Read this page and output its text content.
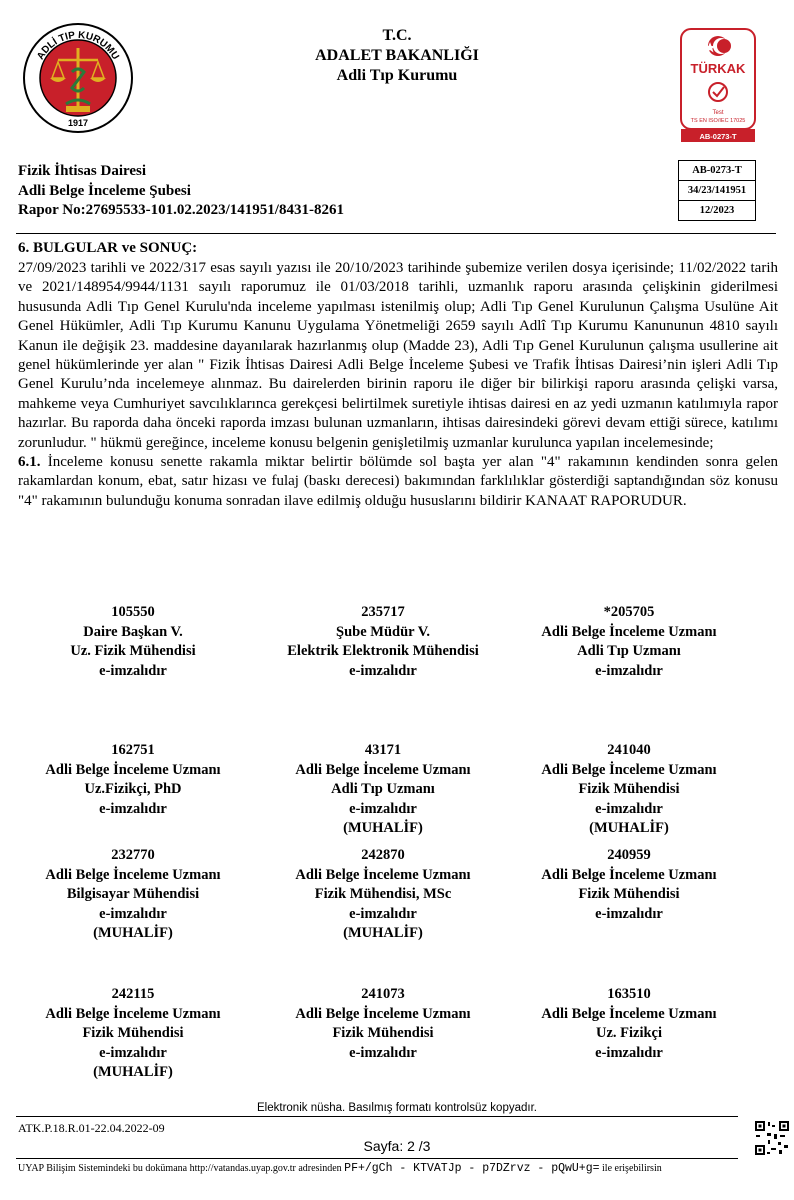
ADLİ TIP KURUMU
1917
T.C.
ADALET BAKANLIĞI
Adli Tıp Kurumu	TÜRKAK
Test
TS EN ISO/IEC 17025
AB-0273-T
Fizik İhtisas Dairesi
Adli Belge İnceleme Şubesi
Rapor No:27695533-101.02.2023/141951/8431-8261
AB-0273-T
34/23/141951
12/2023
6. BULGULAR ve SONUÇ:

27/09/2023 tarihli ve 2022/317 esas sayılı yazısı ile 20/10/2023 tarihinde şubemize verilen dosya içerisinde; 11/02/2022 tarih ve 2021/148954/9944/1131 sayılı raporumuz ile 01/03/2018 tarihli, uzmanlık raporu arasında çelişkinin giderilmesi hususunda Adli Tıp Genel Kurulu'nda inceleme yapılması istenilmiş olup; Adli Tıp Genel Kurulunun Çalışma Usulüne Ait Genel Hükümler, Adli Tıp Kurumu Kanunu Uygulama Yönetmeliği 2659 sayılı Adlî Tıp Kurumu Kanununun 4810 sayılı Kanun ile değişik 23. maddesine dayanılarak hazırlanmış olup (Madde 23), Adli Tıp Genel Kurulunun çalışma usullerine ait genel hükümlerinde yer alan " Fizik İhtisas Dairesi Adli Belge İnceleme Şubesi ve Trafik İhtisas Dairesi’nin işleri Adli Tıp Genel Kurulu’nda incelemeye alınmaz. Bu dairelerden birinin raporu ile diğer bir bilirkişi raporu arasında çelişki varsa, mahkeme veya Cumhuriyet savcılıklarınca gerekçesi belirtilmek suretiyle ihtisas dairesi en az yedi uzmanın katılımıyla rapor hazırlar. Bu raporda daha önceki raporda imzası bulunan uzmanların, ihtisas dairesindeki görevi devam ettiği sürece, katılımı zorunludur. " hükmü gereğince, inceleme konusu belgenin genişletilmiş uzmanlar kurulunca yapılan incelemesinde;

6.1. İnceleme konusu senette rakamla miktar belirtir bölümde sol başta yer alan "4" rakamının kendinden sonra gelen rakamlardan konum, ebat, satır hizası ve fulaj (baskı derecesi) bakımından farklılıklar gösterdiği saptandığından söz konusu "4" rakamının bulunduğu konuma sonradan ilave edilmiş olduğu hususlarını bildirir KANAAT RAPORUDUR.

105550
Daire Başkan V.
Uz. Fizik Mühendisi
e-imzalıdır
235717
Şube Müdür V.
Elektrik Elektronik Mühendisi
e-imzalıdır
*205705
Adli Belge İnceleme Uzmanı
Adli Tıp Uzmanı
e-imzalıdır
162751
Adli Belge İnceleme Uzmanı
Uz.Fizikçi, PhD
e-imzalıdır
43171
Adli Belge İnceleme Uzmanı
Adli Tıp Uzmanı
e-imzalıdır
(MUHALİF)
241040
Adli Belge İnceleme Uzmanı
Fizik Mühendisi
e-imzalıdır
(MUHALİF)
232770
Adli Belge İnceleme Uzmanı
Bilgisayar Mühendisi
e-imzalıdır
(MUHALİF)
242870
Adli Belge İnceleme Uzmanı
Fizik Mühendisi, MSc
e-imzalıdır
(MUHALİF)
240959
Adli Belge İnceleme Uzmanı
Fizik Mühendisi
e-imzalıdır
242115
Adli Belge İnceleme Uzmanı
Fizik Mühendisi
e-imzalıdır
(MUHALİF)
241073
Adli Belge İnceleme Uzmanı
Fizik Mühendisi
e-imzalıdır
163510
Adli Belge İnceleme Uzmanı
Uz. Fizikçi
e-imzalıdır
Elektronik nüsha. Basılmış formatı kontrolsüz kopyadır.
ATK.P.18.R.01-22.04.2022-09
Sayfa: 2 /3
UYAP Bilişim Sistemindeki bu dokümana http://vatandas.uyap.gov.tr adresinden PF+/gCh - KTVATJp - p7DZrvz - pQwU+g= ile erişebilirsin
